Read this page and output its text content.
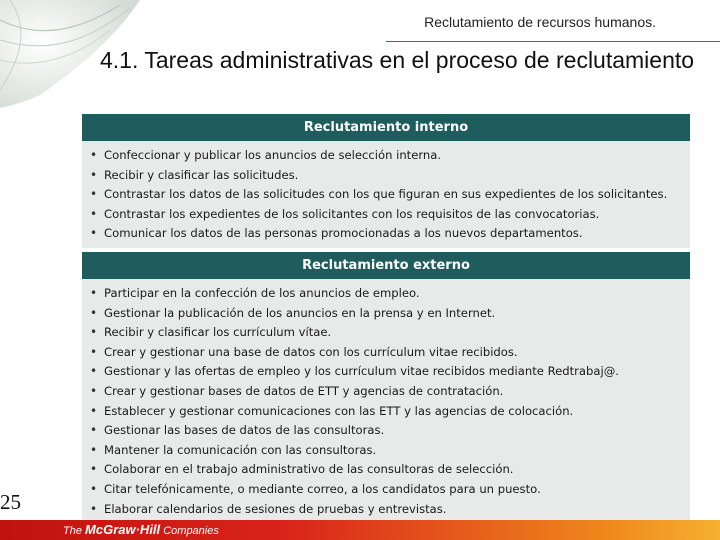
Reclutamiento de recursos humanos.
4.1. Tareas administrativas en el proceso de reclutamiento
Reclutamiento interno
• Confeccionar y publicar los anuncios de selección interna.
• Recibir y clasificar las solicitudes.
• Contrastar los datos de las solicitudes con los que figuran en sus expedientes de los solicitantes.
• Contrastar los expedientes de los solicitantes con los requisitos de las convocatorias.
• Comunicar los datos de las personas promocionadas a los nuevos departamentos.
Reclutamiento externo
• Participar en la confección de los anuncios de empleo.
• Gestionar la publicación de los anuncios en la prensa y en Internet.
• Recibir y clasificar los currículum vítae.
• Crear y gestionar una base de datos con los currículum vitae recibidos.
• Gestionar y las ofertas de empleo y los currículum vitae recibidos mediante Redtrabaj@.
• Crear y gestionar bases de datos de ETT y agencias de contratación.
• Establecer y gestionar comunicaciones con las ETT y las agencias de colocación.
• Gestionar las bases de datos de las consultoras.
• Mantener la comunicación con las consultoras.
• Colaborar en el trabajo administrativo de las consultoras de selección.
• Citar telefónicamente, o mediante correo, a los candidatos para un puesto.
• Elaborar calendarios de sesiones de pruebas y entrevistas.
25
The McGraw·Hill Companies
